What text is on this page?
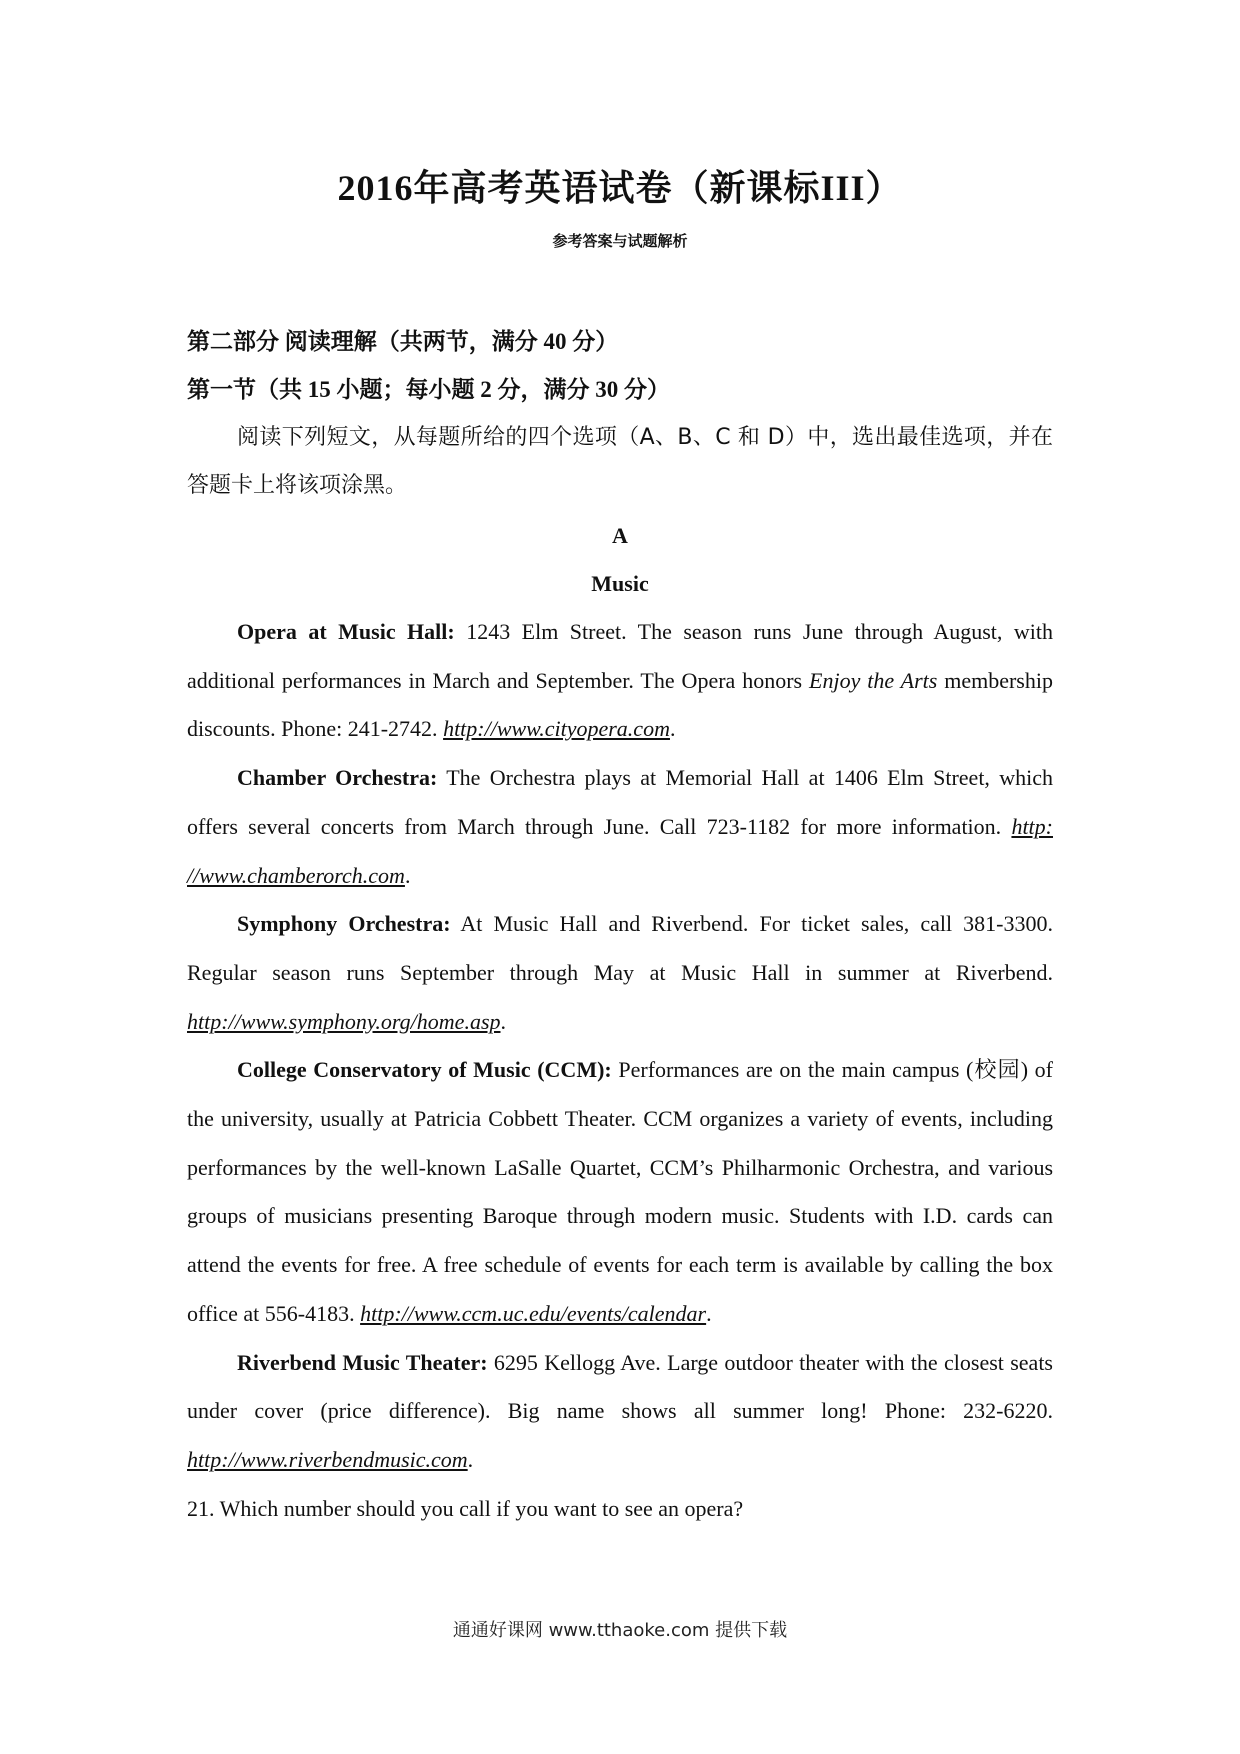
2016年高考英语试卷（新课标III）
参考答案与试题解析

第二部分 阅读理解（共两节，满分 40 分）

第一节（共 15 小题；每小题 2 分，满分 30 分）

阅读下列短文，从每题所给的四个选项（A、B、C 和 D）中，选出最佳选项，并在答题卡上将该项涂黑。

A

Music

Opera at Music Hall: 1243 Elm Street. The season runs June through August, with additional performances in March and September. The Opera honors Enjoy the Arts membership discounts. Phone: 241-2742. http://www.cityopera.com.

Chamber Orchestra: The Orchestra plays at Memorial Hall at 1406 Elm Street, which offers several concerts from March through June. Call 723-1182 for more information. http: //www.chamberorch.com.

Symphony Orchestra: At Music Hall and Riverbend. For ticket sales, call 381-3300. Regular season runs September through May at Music Hall in summer at Riverbend. http://www.symphony.org/home.asp.

College Conservatory of Music (CCM): Performances are on the main campus (校园) of the university, usually at Patricia Cobbett Theater. CCM organizes a variety of events, including performances by the well-known LaSalle Quartet, CCM’s Philharmonic Orchestra, and various groups of musicians presenting Baroque through modern music. Students with I.D. cards can attend the events for free. A free schedule of events for each term is available by calling the box office at 556-4183. http://www.ccm.uc.edu/events/calendar.

Riverbend Music Theater: 6295 Kellogg Ave. Large outdoor theater with the closest seats under cover (price difference). Big name shows all summer long! Phone: 232-6220. http://www.riverbendmusic.com.

21. Which number should you call if you want to see an opera?

通通好课网 www.tthaoke.com 提供下载
